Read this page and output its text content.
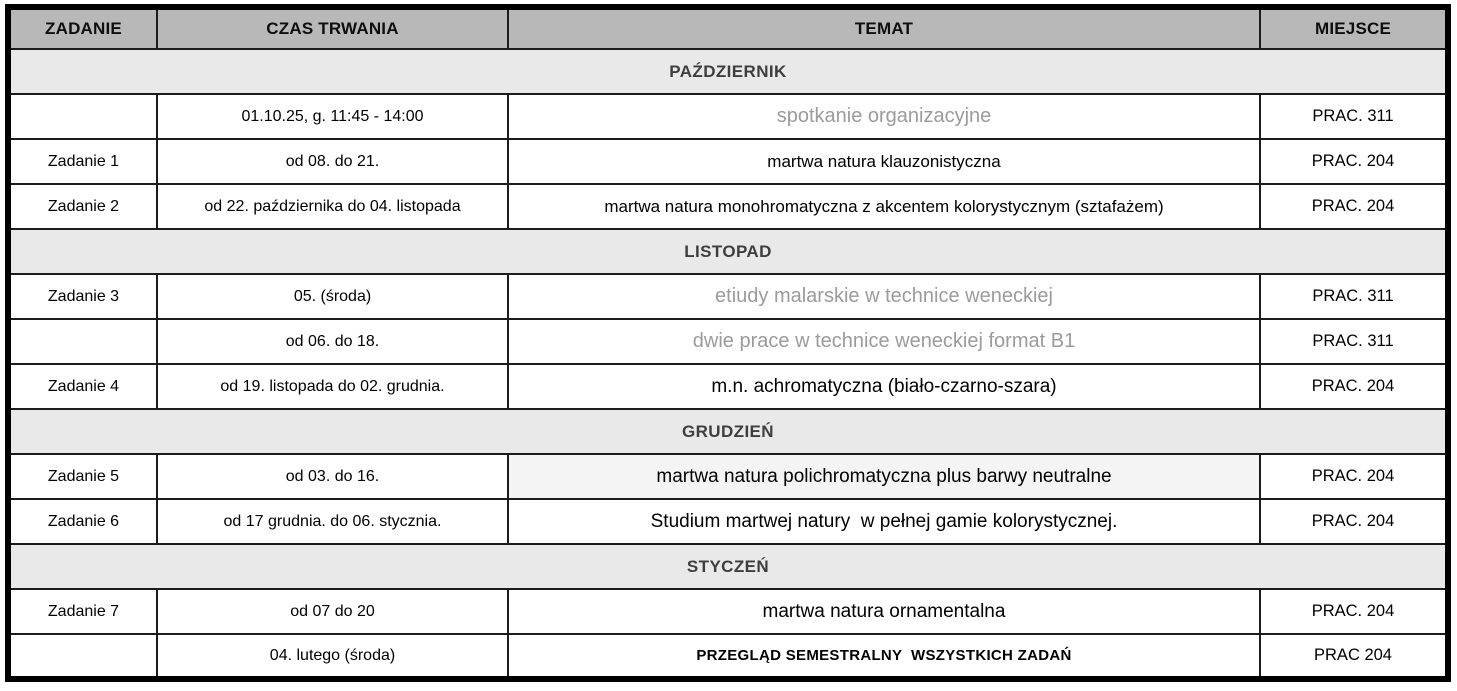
ZADANIE	CZAS TRWANIA	TEMAT	MIEJSCE
PAŹDZIERNIK			
	01.10.25, g. 11:45 - 14:00	spotkanie organizacyjne	PRAC. 311
Zadanie 1	od 08. do 21.	martwa natura klauzonistyczna	PRAC. 204
Zadanie 2	od 22. października do 04. listopada	martwa natura monohromatyczna z akcentem kolorystycznym (sztafażem)	PRAC. 204
LISTOPAD			
Zadanie 3	05. (środa)	etiudy malarskie w technice weneckiej	PRAC. 311
	od 06. do 18.	dwie prace w technice weneckiej format B1	PRAC. 311
Zadanie 4	od 19. listopada do 02. grudnia.	m.n. achromatyczna (biało-czarno-szara)	PRAC. 204
GRUDZIEŃ			
Zadanie 5	od 03. do 16.	martwa natura polichromatyczna plus barwy neutralne	PRAC. 204
Zadanie 6	od 17 grudnia. do 06. stycznia.	Studium martwej natury  w pełnej gamie kolorystycznej.	PRAC. 204
STYCZEŃ			
Zadanie 7	od 07 do 20	martwa natura ornamentalna	PRAC. 204
	04. lutego (środa)	PRZEGLĄD SEMESTRALNY  WSZYSTKICH ZADAŃ	PRAC 204
